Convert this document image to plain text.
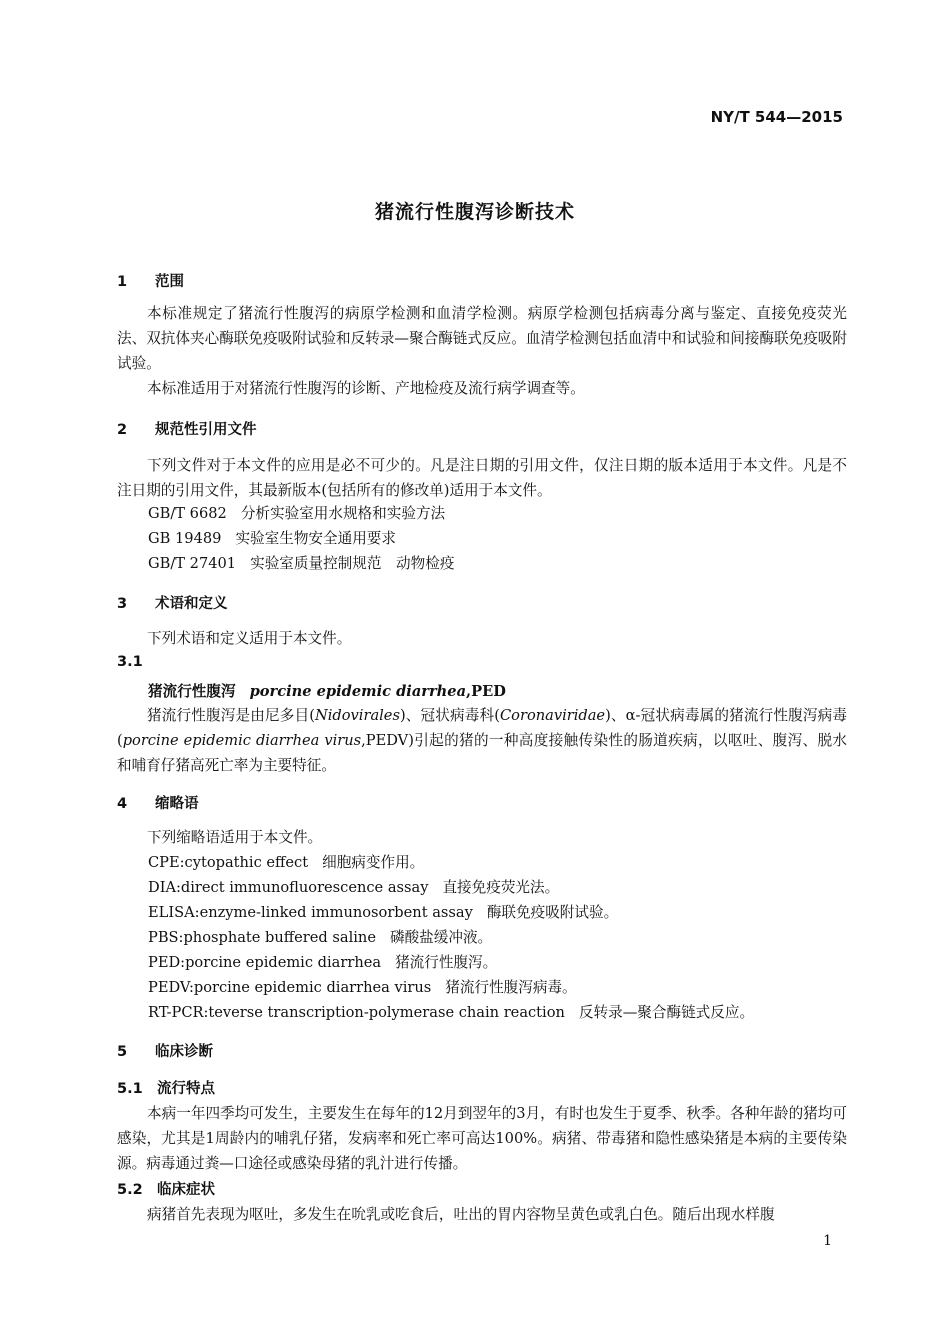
NY/T 544—2015
猪流行性腹泻诊断技术
1 范围
本标准规定了猪流行性腹泻的病原学检测和血清学检测。病原学检测包括病毒分离与鉴定、直接免疫荧光法、双抗体夹心酶联免疫吸附试验和反转录—聚合酶链式反应。血清学检测包括血清中和试验和间接酶联免疫吸附试验。
本标准适用于对猪流行性腹泻的诊断、产地检疫及流行病学调查等。
2 规范性引用文件
下列文件对于本文件的应用是必不可少的。凡是注日期的引用文件，仅注日期的版本适用于本文件。凡是不注日期的引用文件，其最新版本(包括所有的修改单)适用于本文件。
GB/T 6682 分析实验室用水规格和实验方法
GB 19489 实验室生物安全通用要求
GB/T 27401 实验室质量控制规范　动物检疫
3 术语和定义
下列术语和定义适用于本文件。
3.1
猪流行性腹泻 porcine epidemic diarrhea,PED
猪流行性腹泻是由尼多目(Nidovirales)、冠状病毒科(Coronaviridae)、α-冠状病毒属的猪流行性腹泻病毒(porcine epidemic diarrhea virus,PEDV)引起的猪的一种高度接触传染性的肠道疾病，以呕吐、腹泻、脱水和哺育仔猪高死亡率为主要特征。
4 缩略语
下列缩略语适用于本文件。
CPE:cytopathic effect 细胞病变作用。
DIA:direct immunofluorescence assay 直接免疫荧光法。
ELISA:enzyme-linked immunosorbent assay 酶联免疫吸附试验。
PBS:phosphate buffered saline 磷酸盐缓冲液。
PED:porcine epidemic diarrhea 猪流行性腹泻。
PEDV:porcine epidemic diarrhea virus 猪流行性腹泻病毒。
RT-PCR:teverse transcription-polymerase chain reaction 反转录—聚合酶链式反应。
5 临床诊断
5.1 流行特点
本病一年四季均可发生，主要发生在每年的12月到翌年的3月，有时也发生于夏季、秋季。各种年龄的猪均可感染，尤其是1周龄内的哺乳仔猪，发病率和死亡率可高达100%。病猪、带毒猪和隐性感染猪是本病的主要传染源。病毒通过粪—口途径或感染母猪的乳汁进行传播。
5.2 临床症状
病猪首先表现为呕吐，多发生在吮乳或吃食后，吐出的胃内容物呈黄色或乳白色。随后出现水样腹
1
